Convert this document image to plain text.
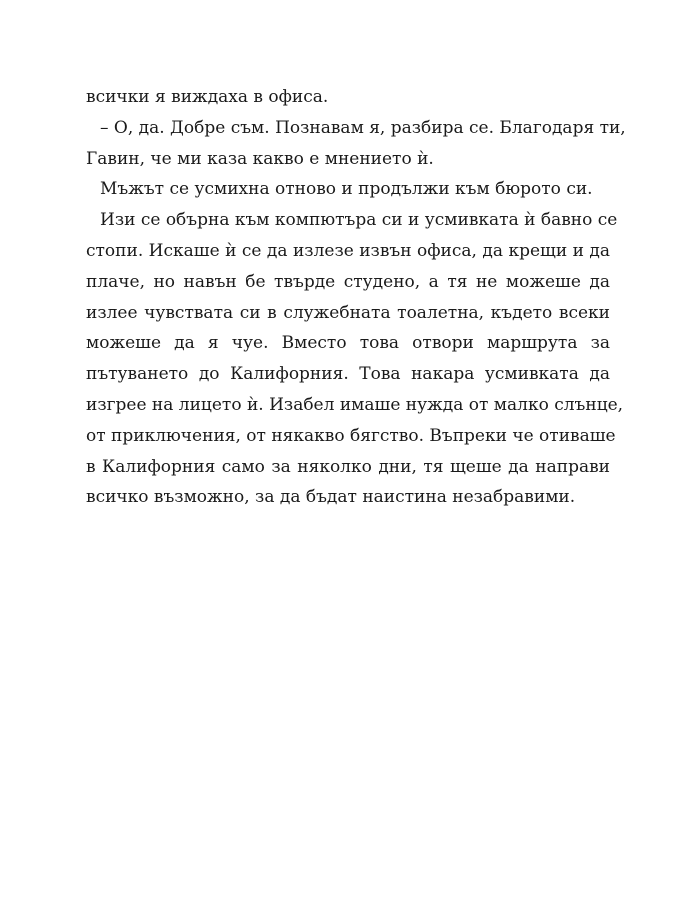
всички я виждаха в офиса.
– О, да. Добре съм. Познавам я, разбира се. Благодаря ти,
Гавин, че ми каза какво е мнението ѝ.
Мъжът се усмихна отново и продължи към бюрото си.
Изи се обърна към компютъра си и усмивката ѝ бавно се
стопи. Искаше ѝ се да излезе извън офиса, да крещи и да
плаче, но навън бе твърде студено, а тя не можеше да
излее чувствата си в служебната тоалетна, където всеки
можеше да я чуе. Вместо това отвори маршрута за
пътуването до Калифорния. Това накара усмивката да
изгрее на лицето ѝ. Изабел имаше нужда от малко слънце,
от приключения, от някакво бягство. Въпреки че отиваше
в Калифорния само за няколко дни, тя щеше да направи
всичко възможно, за да бъдат наистина незабравими.
